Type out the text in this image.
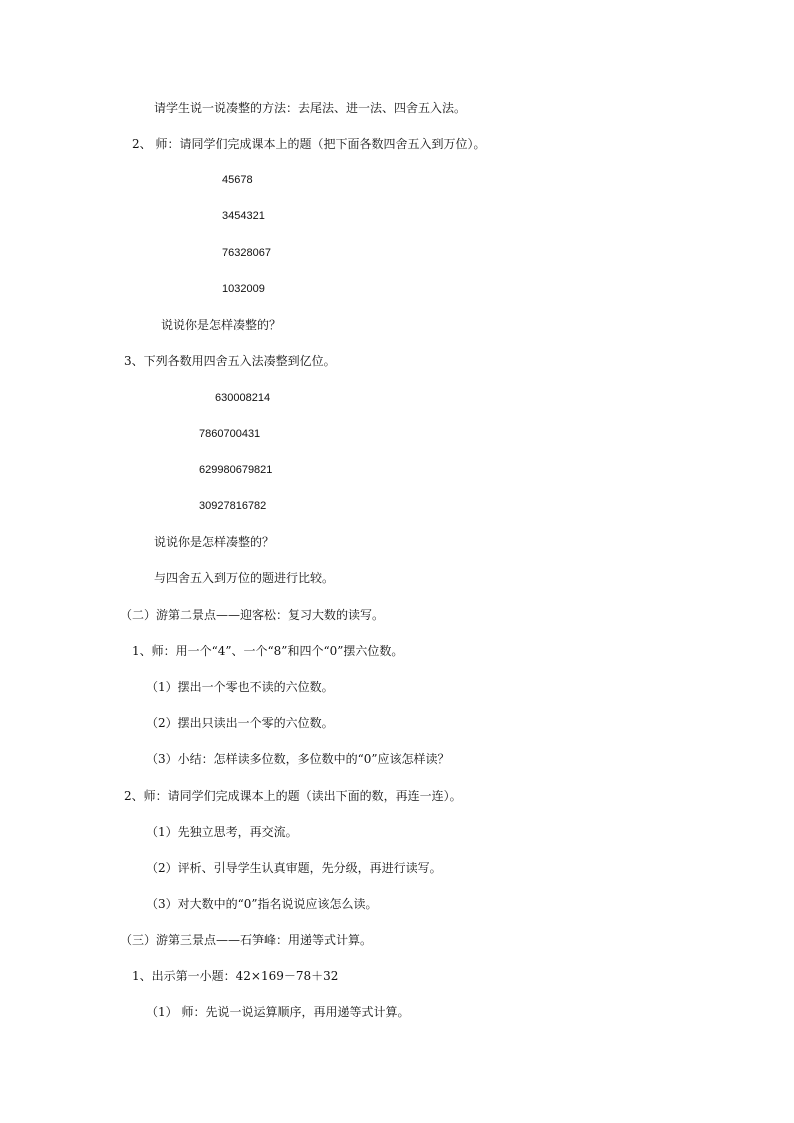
请学生说一说凑整的方法：去尾法、进一法、四舍五入法。
2、 师：请同学们完成课本上的题（把下面各数四舍五入到万位）。
45678
3454321
76328067
1032009
说说你是怎样凑整的？
3、下列各数用四舍五入法凑整到亿位。
630008214
7860700431
629980679821
30927816782
说说你是怎样凑整的？
与四舍五入到万位的题进行比较。
（二）游第二景点——迎客松：复习大数的读写。
1、师：用一个“4”、一个“8”和四个“0”摆六位数。
（1）摆出一个零也不读的六位数。
（2）摆出只读出一个零的六位数。
（3）小结：怎样读多位数，多位数中的“0”应该怎样读？
2、师：请同学们完成课本上的题（读出下面的数，再连一连）。
（1）先独立思考，再交流。
（2）评析、引导学生认真审题，先分级，再进行读写。
（3）对大数中的“0”指名说说应该怎么读。
（三）游第三景点——石笋峰：用递等式计算。
1、出示第一小题：42×169－78＋32
（1） 师：先说一说运算顺序，再用递等式计算。
